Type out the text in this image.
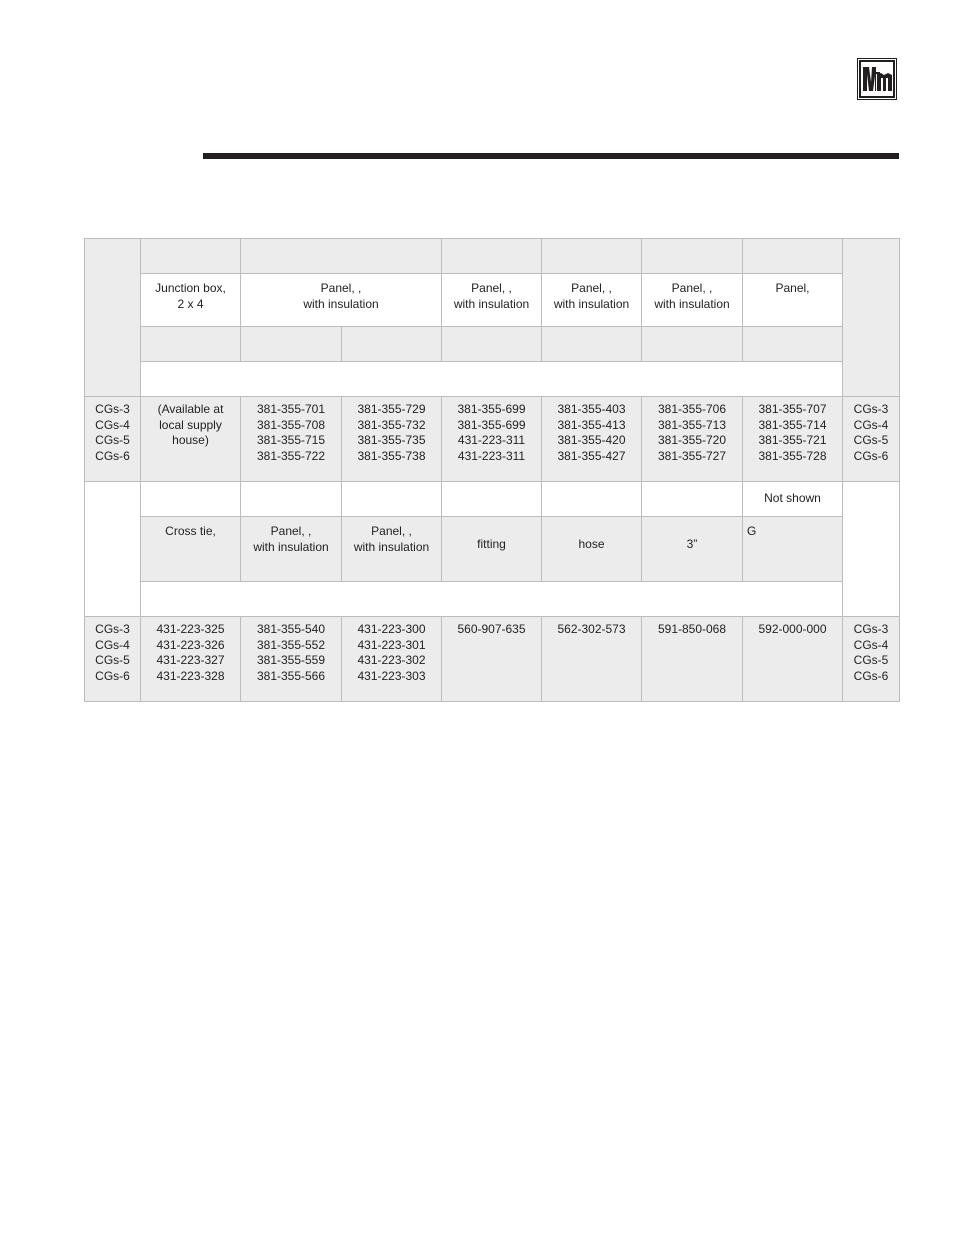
	Junction box,
2 x 4	Panel, ,
with insulation		Panel, ,
with insulation	Panel, ,
with insulation	Panel, ,
with insulation	Panel,	

CGs-3
CGs-4
CGs-5
CGs-6	(Available at
local supply
house)	381-355-701
381-355-708
381-355-715
381-355-722	381-355-729
381-355-732
381-355-735
381-355-738	381-355-699
381-355-699
431-223-311
431-223-311	381-355-403
381-355-413
381-355-420
381-355-427	381-355-706
381-355-713
381-355-720
381-355-727	381-355-707
381-355-714
381-355-721
381-355-728	CGs-3
CGs-4
CGs-5
CGs-6

							Not shown	

	Cross tie,	Panel, ,
with insulation	Panel, ,
with insulation	fitting	hose	3”	G	

CGs-3
CGs-4
CGs-5
CGs-6	431-223-325
431-223-326
431-223-327
431-223-328	381-355-540
381-355-552
381-355-559
381-355-566	431-223-300
431-223-301
431-223-302
431-223-303	560-907-635	562-302-573	591-850-068	592-000-000	CGs-3
CGs-4
CGs-5
CGs-6
